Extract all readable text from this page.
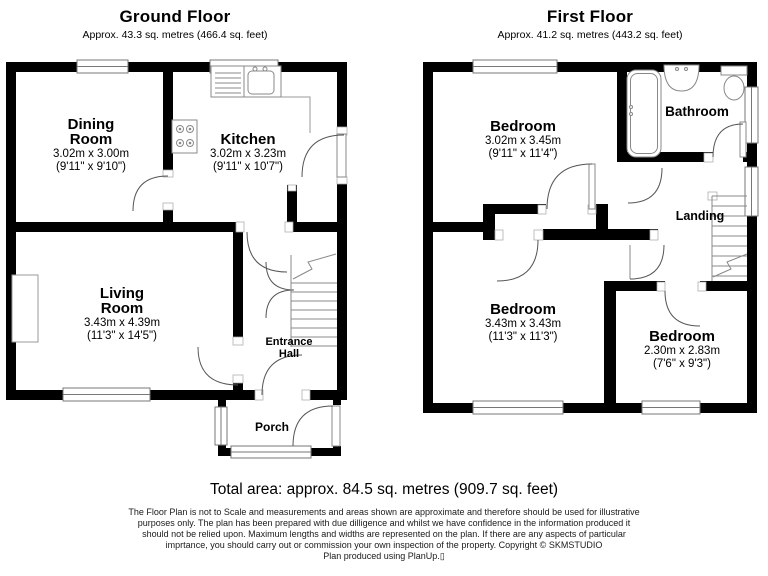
Ground Floor
Approx. 43.3 sq. metres (466.4 sq. feet)
First Floor
Approx. 41.2 sq. metres (443.2 sq. feet)
Dining Room
3.02m x 3.00m
(9'11" x 9'10")
Kitchen
3.02m x 3.23m
(9'11" x 10'7")
Living Room
3.43m x 4.39m
(11'3" x 14'5")	Entrance Hall
Porch
Bedroom
3.02m x 3.45m
(9'11" x 11'4")
Bathroom
Landing
Bedroom
3.43m x 3.43m
(11'3" x 11'3")	Bedroom
2.30m x 2.83m
(7'6" x 9'3")
Total area: approx. 84.5 sq. metres (909.7 sq. feet)
The Floor Plan is not to Scale and measurements and areas shown are approximate and therefore should be used for illustrative
purposes only. The plan has been prepared with due dilligence and whilst we have confidence in the information produced it
should not be relied upon. Maximum lengths and widths are represented on the plan. If there are any aspects of particular
imprtance, you should carry out or commission your own inspection of the property. Copyright © SKMSTUDIO
Plan produced using PlanUp.▯
